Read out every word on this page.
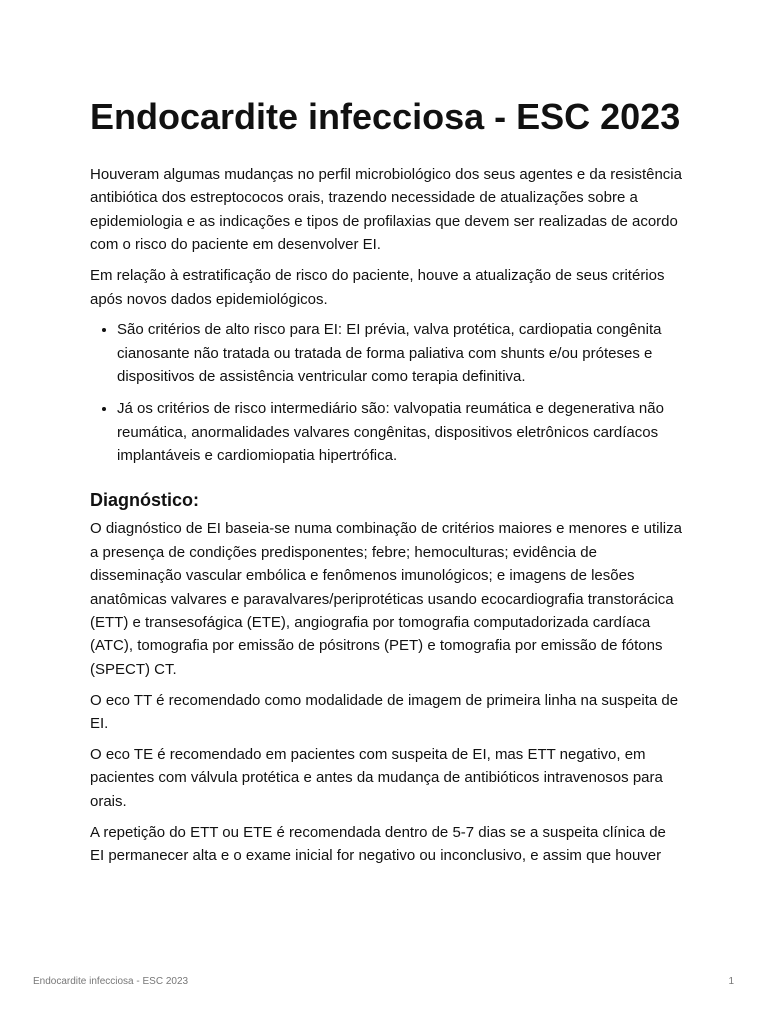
Endocardite infecciosa - ESC 2023

Houveram algumas mudanças no perfil microbiológico dos seus agentes e da resistência antibiótica dos estreptococos orais, trazendo necessidade de atualizações sobre a epidemiologia e as indicações e tipos de profilaxias que devem ser realizadas de acordo com o risco do paciente em desenvolver EI.

Em relação à estratificação de risco do paciente, houve a atualização de seus critérios após novos dados epidemiológicos.

• São critérios de alto risco para EI: EI prévia, valva protética, cardiopatia congênita cianosante não tratada ou tratada de forma paliativa com shunts e/ou próteses e dispositivos de assistência ventricular como terapia definitiva.
• Já os critérios de risco intermediário são: valvopatia reumática e degenerativa não reumática, anormalidades valvares congênitas, dispositivos eletrônicos cardíacos implantáveis e cardiomiopatia hipertrófica.
Diagnóstico:

O diagnóstico de EI baseia-se numa combinação de critérios maiores e menores e utiliza a presença de condições predisponentes; febre; hemoculturas; evidência de disseminação vascular embólica e fenômenos imunológicos; e imagens de lesões anatômicas valvares e paravalvares/periprotéticas usando ecocardiografia transtorácica (ETT) e transesofágica (ETE), angiografia por tomografia computadorizada cardíaca (ATC), tomografia por emissão de pósitrons (PET) e tomografia por emissão de fótons (SPECT) CT.

O eco TT é recomendado como modalidade de imagem de primeira linha na suspeita de EI.

O eco TE é recomendado em pacientes com suspeita de EI, mas ETT negativo, em pacientes com válvula protética e antes da mudança de antibióticos intravenosos para orais.

A repetição do ETT ou ETE é recomendada dentro de 5-7 dias se a suspeita clínica de EI permanecer alta e o exame inicial for negativo ou inconclusivo, e assim que houver

Endocardite infecciosa - ESC 2023	1
